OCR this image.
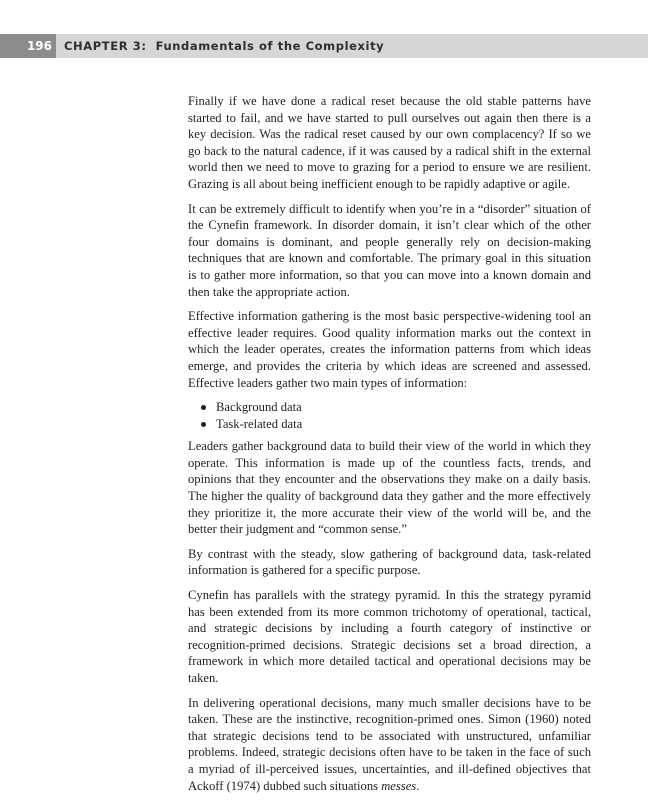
196	CHAPTER 3: Fundamentals of the Complexity

Finally if we have done a radical reset because the old stable patterns have started to fail, and we have started to pull ourselves out again then there is a key decision. Was the radical reset caused by our own complacency? If so we go back to the natural cadence, if it was caused by a radical shift in the external world then we need to move to grazing for a period to ensure we are resilient. Grazing is all about being inefficient enough to be rapidly adaptive or agile.

It can be extremely difficult to identify when you’re in a “disorder” situation of the Cynefin framework. In disorder domain, it isn’t clear which of the other four domains is dominant, and people generally rely on decision-making techniques that are known and comfortable. The primary goal in this situation is to gather more information, so that you can move into a known domain and then take the appropriate action.

Effective information gathering is the most basic perspective-widening tool an effective leader requires. Good quality information marks out the context in which the leader operates, creates the information patterns from which ideas emerge, and provides the criteria by which ideas are screened and assessed. Effective leaders gather two main types of information:

Background data
Task-related data

Leaders gather background data to build their view of the world in which they operate. This information is made up of the countless facts, trends, and opinions that they encounter and the observations they make on a daily basis. The higher the quality of background data they gather and the more effectively they prioritize it, the more accurate their view of the world will be, and the better their judgment and “common sense.”

By contrast with the steady, slow gathering of background data, task-related information is gathered for a specific purpose.

Cynefin has parallels with the strategy pyramid. In this the strategy pyramid has been extended from its more common trichotomy of operational, tactical, and strategic decisions by including a fourth category of instinctive or recognition-primed decisions. Strategic decisions set a broad direction, a framework in which more detailed tactical and operational decisions may be taken.

In delivering operational decisions, many much smaller decisions have to be taken. These are the instinctive, recognition-primed ones. Simon (1960) noted that strategic decisions tend to be associated with unstructured, unfamiliar problems. Indeed, strategic decisions often have to be taken in the face of such a myriad of ill-perceived issues, uncertainties, and ill-defined objectives that Ackoff (1974) dubbed such situations messes.
